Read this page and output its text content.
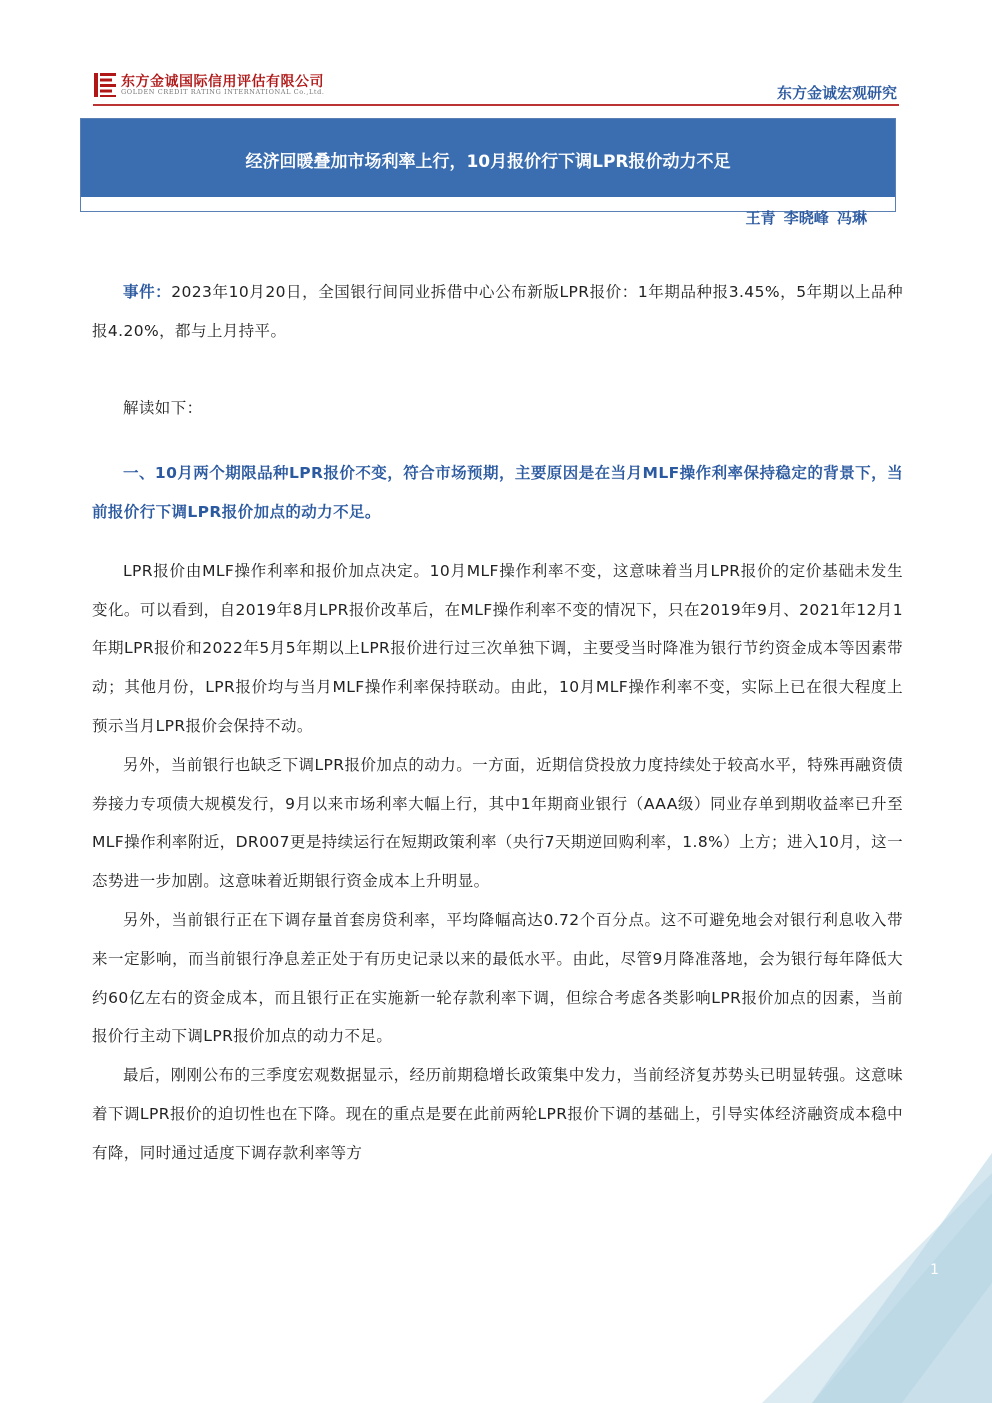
东方金诚国际信用评估有限公司
GOLDEN CREDIT RATING INTERNATIONAL Co.,Ltd.	东方金诚宏观研究
经济回暖叠加市场利率上行，10月报价行下调LPR报价动力不足
王青 李晓峰 冯琳

事件：2023年10月20日，全国银行间同业拆借中心公布新版LPR报价：1年期品种报3.45%，5年期以上品种报4.20%，都与上月持平。

解读如下：

一、10月两个期限品种LPR报价不变，符合市场预期，主要原因是在当月MLF操作利率保持稳定的背景下，当前报价行下调LPR报价加点的动力不足。

LPR报价由MLF操作利率和报价加点决定。10月MLF操作利率不变，这意味着当月LPR报价的定价基础未发生变化。可以看到，自2019年8月LPR报价改革后，在MLF操作利率不变的情况下，只在2019年9月、2021年12月1年期LPR报价和2022年5月5年期以上LPR报价进行过三次单独下调，主要受当时降准为银行节约资金成本等因素带动；其他月份，LPR报价均与当月MLF操作利率保持联动。由此，10月MLF操作利率不变，实际上已在很大程度上预示当月LPR报价会保持不动。

另外，当前银行也缺乏下调LPR报价加点的动力。一方面，近期信贷投放力度持续处于较高水平，特殊再融资债券接力专项债大规模发行，9月以来市场利率大幅上行，其中1年期商业银行（AAA级）同业存单到期收益率已升至MLF操作利率附近，DR007更是持续运行在短期政策利率（央行7天期逆回购利率，1.8%）上方；进入10月，这一态势进一步加剧。这意味着近期银行资金成本上升明显。

另外，当前银行正在下调存量首套房贷利率，平均降幅高达0.72个百分点。这不可避免地会对银行利息收入带来一定影响，而当前银行净息差正处于有历史记录以来的最低水平。由此，尽管9月降准落地，会为银行每年降低大约60亿左右的资金成本，而且银行正在实施新一轮存款利率下调，但综合考虑各类影响LPR报价加点的因素，当前报价行主动下调LPR报价加点的动力不足。

最后，刚刚公布的三季度宏观数据显示，经历前期稳增长政策集中发力，当前经济复苏势头已明显转强。这意味着下调LPR报价的迫切性也在下降。现在的重点是要在此前两轮LPR报价下调的基础上，引导实体经济融资成本稳中有降，同时通过适度下调存款利率等方

1
